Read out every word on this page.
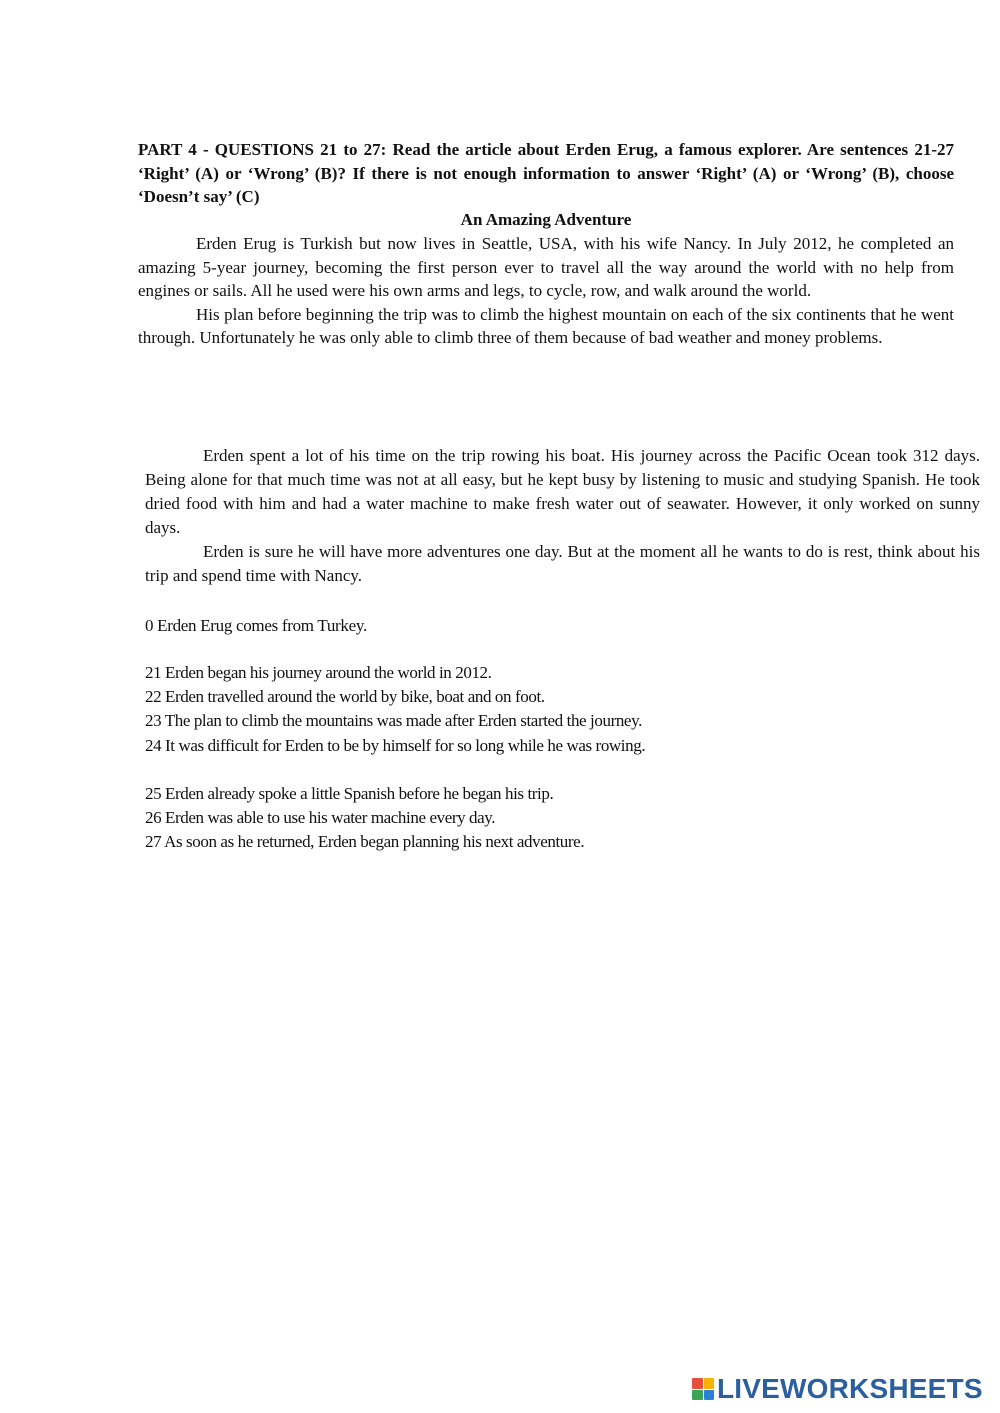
PART 4 - QUESTIONS 21 to 27: Read the article about Erden Erug, a famous explorer. Are sentences 21-27 ‘Right’ (A) or ‘Wrong’ (B)? If there is not enough information to answer ‘Right’ (A) or ‘Wrong’ (B), choose ‘Doesn’t say’ (C)

An Amazing Adventure

Erden Erug is Turkish but now lives in Seattle, USA, with his wife Nancy. In July 2012, he completed an amazing 5-year journey, becoming the first person ever to travel all the way around the world with no help from engines or sails. All he used were his own arms and legs, to cycle, row, and walk around the world.

His plan before beginning the trip was to climb the highest mountain on each of the six continents that he went through. Unfortunately he was only able to climb three of them because of bad weather and money problems.

Erden spent a lot of his time on the trip rowing his boat. His journey across the Pacific Ocean took 312 days. Being alone for that much time was not at all easy, but he kept busy by listening to music and studying Spanish. He took dried food with him and had a water machine to make fresh water out of seawater. However, it only worked on sunny days.

Erden is sure he will have more adventures one day. But at the moment all he wants to do is rest, think about his trip and spend time with Nancy.

0 Erden Erug comes from Turkey.

21 Erden began his journey around the world in 2012.
22 Erden travelled around the world by bike, boat and on foot.
23 The plan to climb the mountains was made after Erden started the journey.
24 It was difficult for Erden to be by himself for so long while he was rowing.
25 Erden already spoke a little Spanish before he began his trip.
26 Erden was able to use his water machine every day.
27 As soon as he returned, Erden began planning his next adventure.
LIVEWORKSHEETS
